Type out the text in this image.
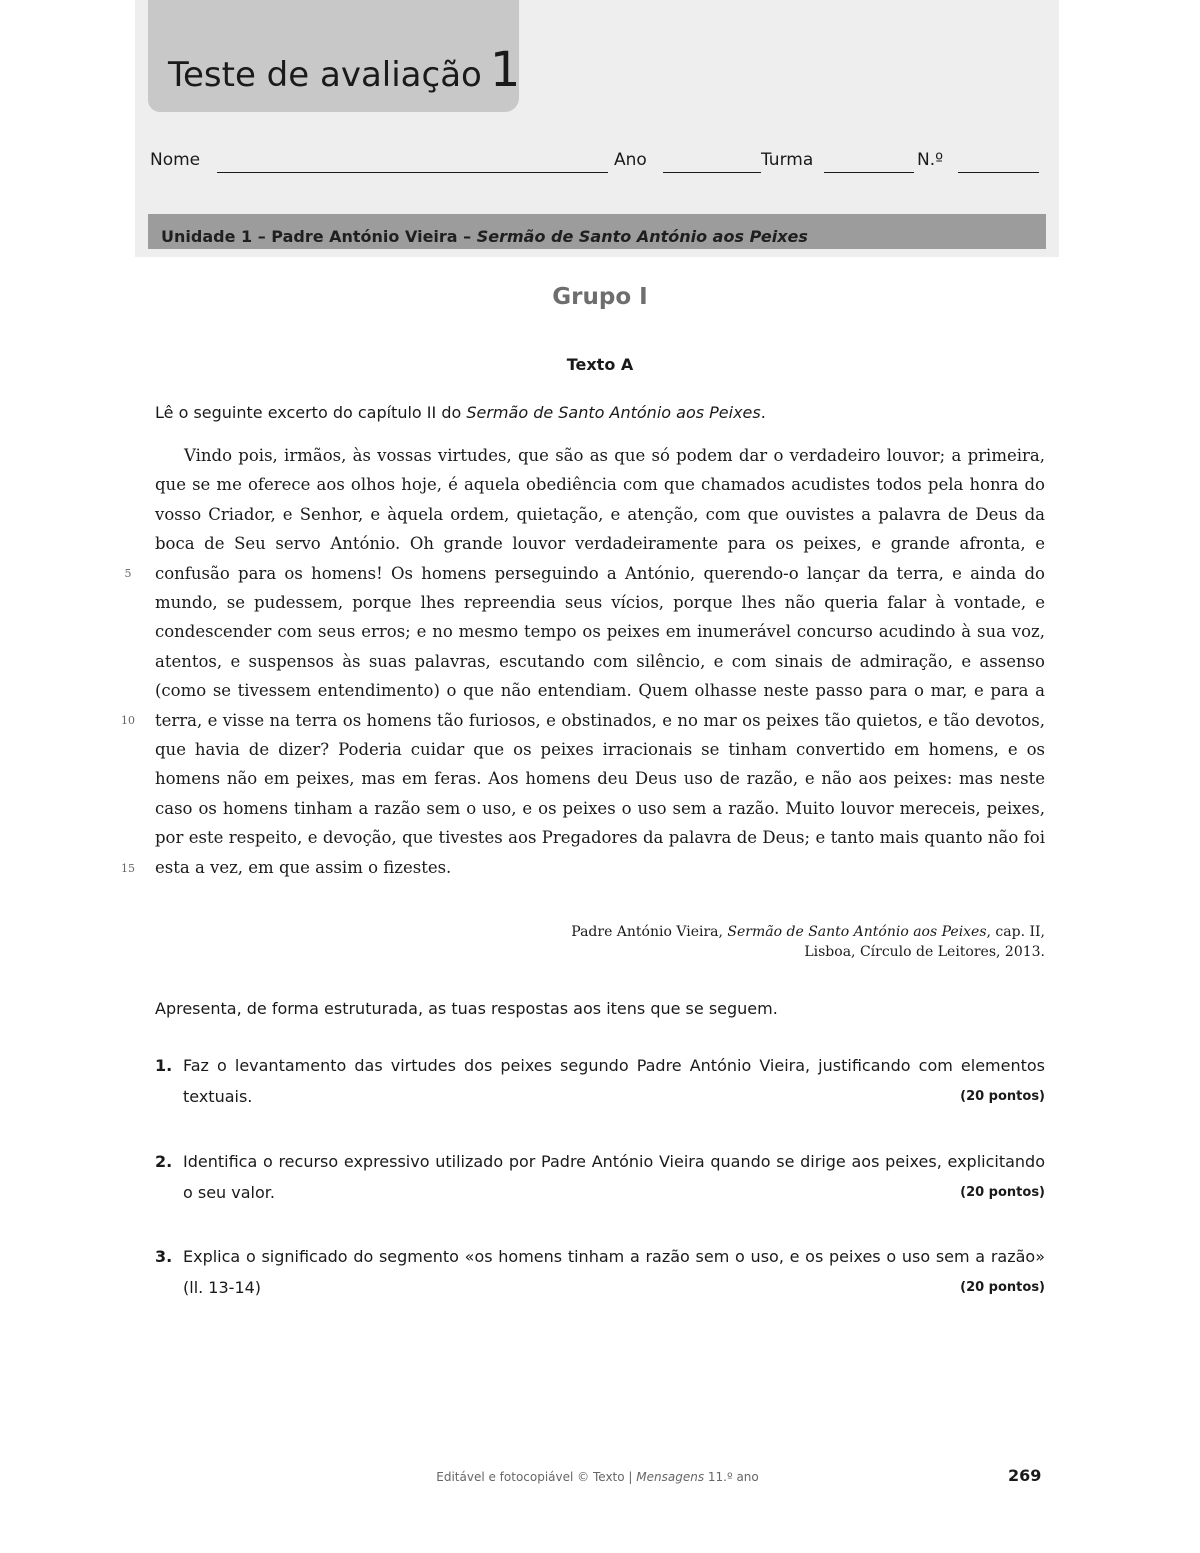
Teste de avaliação 1
Nome	Ano	Turma	N.º
Unidade 1 – Padre António Vieira – Sermão de Santo António aos Peixes
Grupo I
Texto A
Lê o seguinte excerto do capítulo II do Sermão de Santo António aos Peixes.

Vindo pois, irmãos, às vossas virtudes, que são as que só podem dar o verdadeiro louvor; a primeira, que se me oferece aos olhos hoje, é aquela obediência com que chamados acudistes todos pela honra do vosso Criador, e Senhor, e àquela ordem, quietação, e atenção, com que ouvistes a palavra de Deus da boca de Seu servo António. Oh grande louvor verdadeiramente para os peixes, e grande afronta, e confusão para os homens! Os homens perseguindo a António, querendo-o lançar da terra, e ainda do mundo, se pudessem, porque lhes repreendia seus vícios, porque lhes não queria falar à vontade, e condescender com seus erros; e no mesmo tempo os peixes em inumerável concurso acudindo à sua voz, atentos, e suspensos às suas palavras, escutando com silêncio, e com sinais de admiração, e assenso (como se tivessem entendimento) o que não entendiam. Quem olhasse neste passo para o mar, e para a terra, e visse na terra os homens tão furiosos, e obstinados, e no mar os peixes tão quietos, e tão devotos, que havia de dizer? Poderia cuidar que os peixes irracionais se tinham convertido em homens, e os homens não em peixes, mas em feras. Aos homens deu Deus uso de razão, e não aos peixes: mas neste caso os homens tinham a razão sem o uso, e os peixes o uso sem a razão. Muito louvor mereceis, peixes, por este respeito, e devoção, que tivestes aos Pregadores da palavra de Deus; e tanto mais quanto não foi esta a vez, em que assim o fizestes.

5
10
15
Padre António Vieira, Sermão de Santo António aos Peixes, cap. II,
Lisboa, Círculo de Leitores, 2013.
Apresenta, de forma estruturada, as tuas respostas aos itens que se seguem.
1. Faz o levantamento das virtudes dos peixes segundo Padre António Vieira, justificando com elementos textuais.	(20 pontos)
2. Identifica o recurso expressivo utilizado por Padre António Vieira quando se dirige aos peixes, explicitando o seu valor.	(20 pontos)
3. Explica o significado do segmento «os homens tinham a razão sem o uso, e os peixes o uso sem a razão» (ll. 13-14)	(20 pontos)
Editável e fotocopiável © Texto | Mensagens 11.º ano	269
